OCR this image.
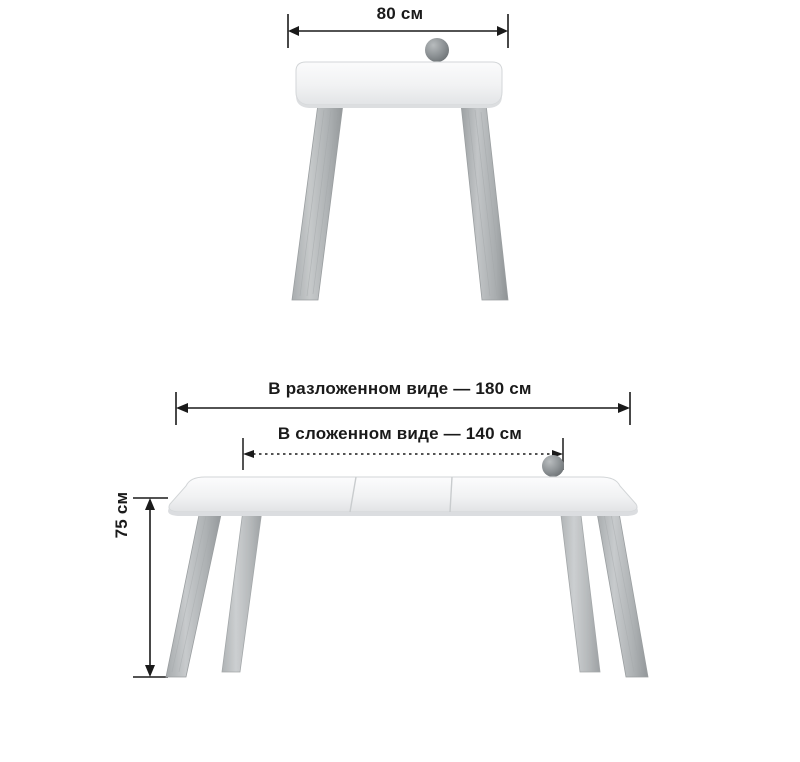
80 см
В разложенном виде — 180 см
В сложенном виде — 140 см
75 см
